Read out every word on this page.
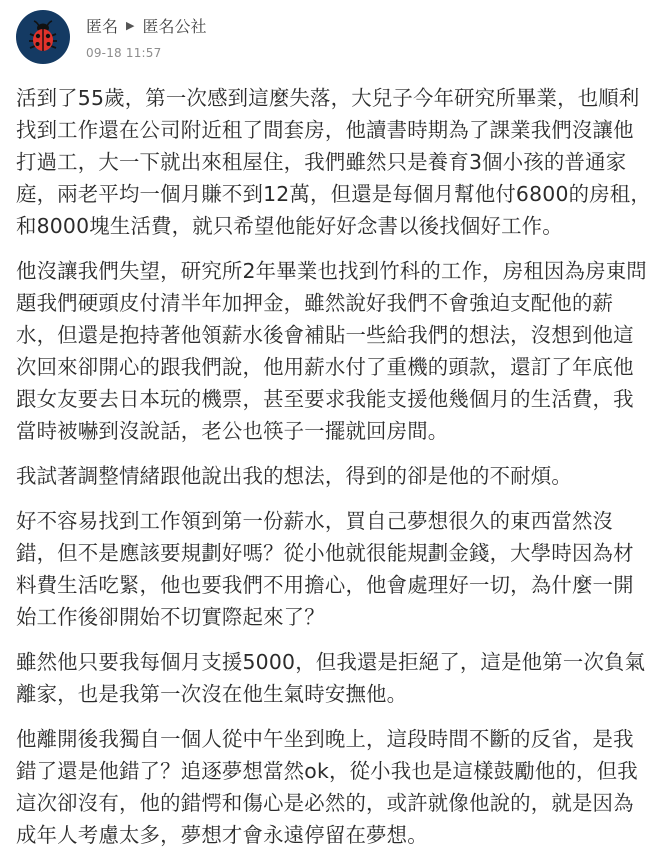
匿名 ▶ 匿名公社
09-18 11:57

活到了55歲，第一次感到這麼失落，大兒子今年研究所畢業，也順利找到工作還在公司附近租了間套房，他讀書時期為了課業我們沒讓他打過工，大一下就出來租屋住，我們雖然只是養育3個小孩的普通家庭，兩老平均一個月賺不到12萬，但還是每個月幫他付6800的房租，和8000塊生活費，就只希望他能好好念書以後找個好工作。

他沒讓我們失望，研究所2年畢業也找到竹科的工作，房租因為房東問題我們硬頭皮付清半年加押金，雖然說好我們不會強迫支配他的薪水，但還是抱持著他領薪水後會補貼一些給我們的想法，沒想到他這次回來卻開心的跟我們說，他用薪水付了重機的頭款，還訂了年底他跟女友要去日本玩的機票，甚至要求我能支援他幾個月的生活費，我當時被嚇到沒說話，老公也筷子一擺就回房間。

我試著調整情緒跟他說出我的想法，得到的卻是他的不耐煩。

好不容易找到工作領到第一份薪水，買自己夢想很久的東西當然沒錯，但不是應該要規劃好嗎？從小他就很能規劃金錢，大學時因為材料費生活吃緊，他也要我們不用擔心，他會處理好一切，為什麼一開始工作後卻開始不切實際起來了？

雖然他只要我每個月支援5000，但我還是拒絕了，這是他第一次負氣離家，也是我第一次沒在他生氣時安撫他。

他離開後我獨自一個人從中午坐到晚上，這段時間不斷的反省，是我錯了還是他錯了？追逐夢想當然ok，從小我也是這樣鼓勵他的，但我這次卻沒有，他的錯愕和傷心是必然的，或許就像他說的，就是因為成年人考慮太多，夢想才會永遠停留在夢想。
